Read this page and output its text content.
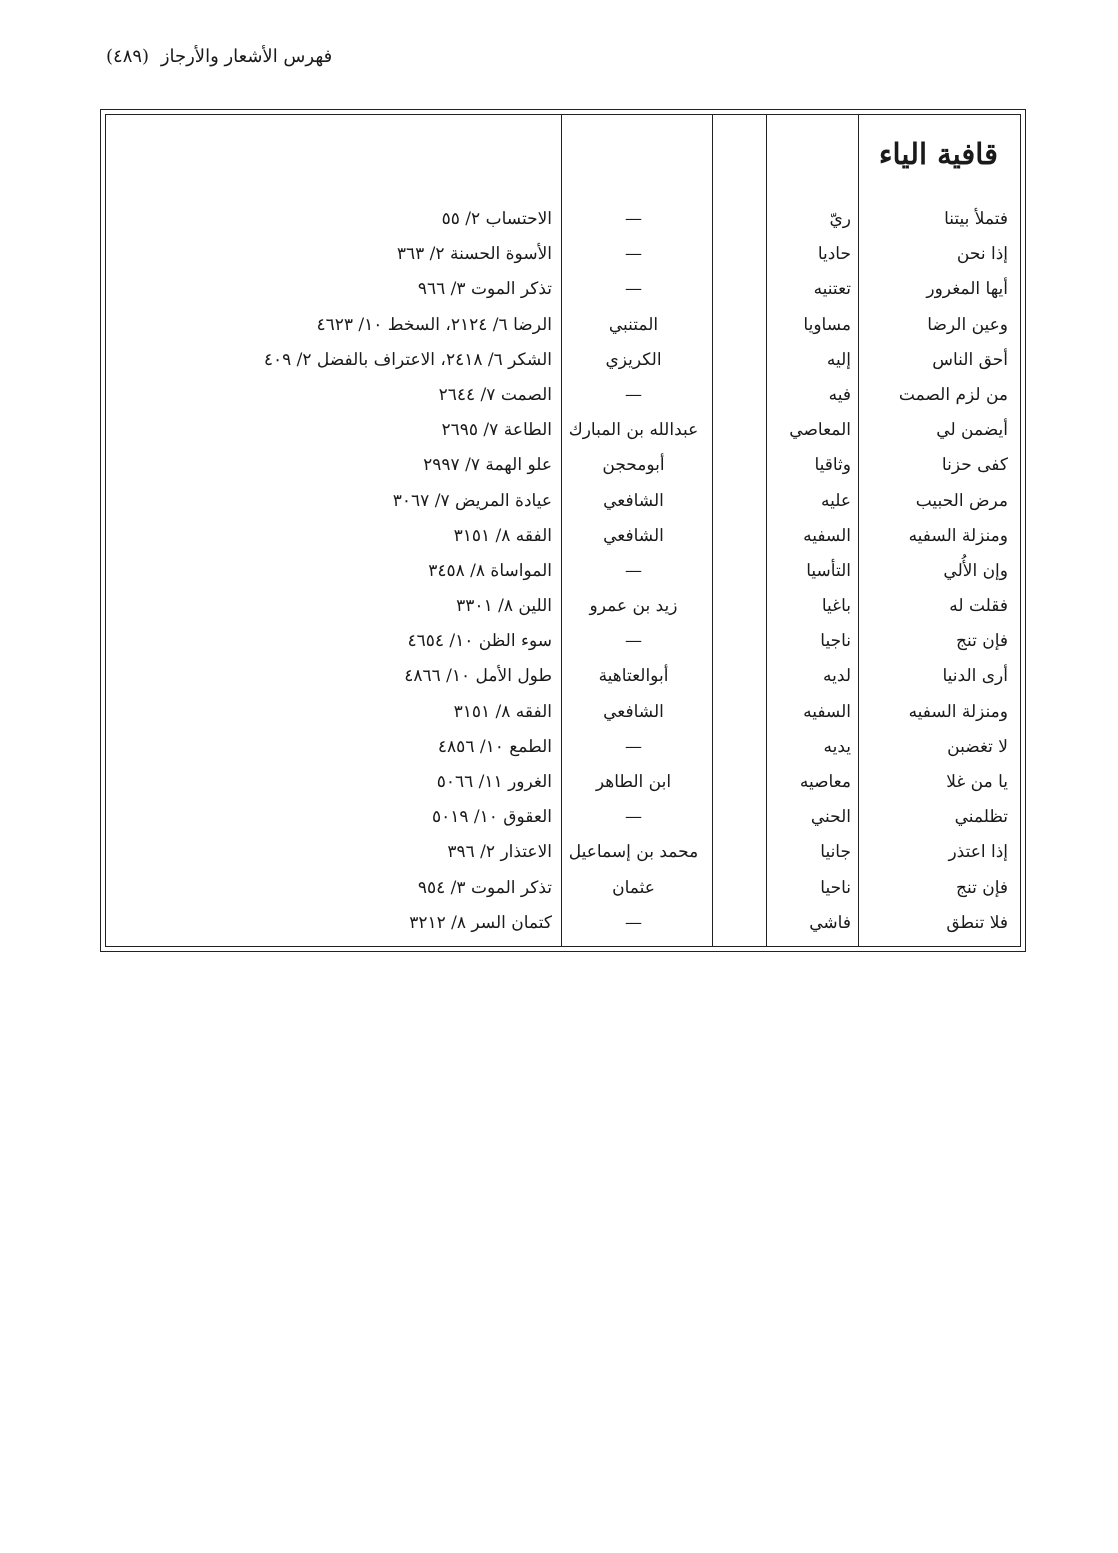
فهرس الأشعار والأرجاز (٤٨٩)
قافية الياء
فتملأ بيتنا
ريّ
—
الاحتساب ٢/ ٥٥
إذا نحن
حاديا
—
الأسوة الحسنة ٢/ ٣٦٣
أيها المغرور
تعتنيه
—
تذكر الموت ٣/ ٩٦٦
وعين الرضا
مساويا
المتنبي
الرضا ٦/ ٢١٢٤، السخط ١٠/ ٤٦٢٣
أحق الناس
إليه
الكريزي
الشكر ٦/ ٢٤١٨، الاعتراف بالفضل ٢/ ٤٠٩
من لزم الصمت
فيه
—
الصمت ٧/ ٢٦٤٤
أيضمن لي
المعاصي
عبدالله بن المبارك
الطاعة ٧/ ٢٦٩٥
كفى حزنا
وثاقيا
أبومحجن
علو الهمة ٧/ ٢٩٩٧
مرض الحبيب
عليه
الشافعي
عيادة المريض ٧/ ٣٠٦٧
ومنزلة السفيه
السفيه
الشافعي
الفقه ٨/ ٣١٥١
وإن الأُلي
التأسيا
—
المواساة ٨/ ٣٤٥٨
فقلت له
باغيا
زيد بن عمرو
اللين ٨/ ٣٣٠١
فإن تنج
ناجيا
—
سوء الظن ١٠/ ٤٦٥٤
أرى الدنيا
لديه
أبوالعتاهية
طول الأمل ١٠/ ٤٨٦٦
ومنزلة السفيه
السفيه
الشافعي
الفقه ٨/ ٣١٥١
لا تغضبن
يديه
—
الطمع ١٠/ ٤٨٥٦
يا من غلا
معاصيه
ابن الطاهر
الغرور ١١/ ٥٠٦٦
تظلمني
الحني
—
العقوق ١٠/ ٥٠١٩
إذا اعتذر
جانيا
محمد بن إسماعيل
الاعتذار ٢/ ٣٩٦
فإن تنج
ناحيا
عثمان
تذكر الموت ٣/ ٩٥٤
فلا تنطق
فاشي
—
كتمان السر ٨/ ٣٢١٢
